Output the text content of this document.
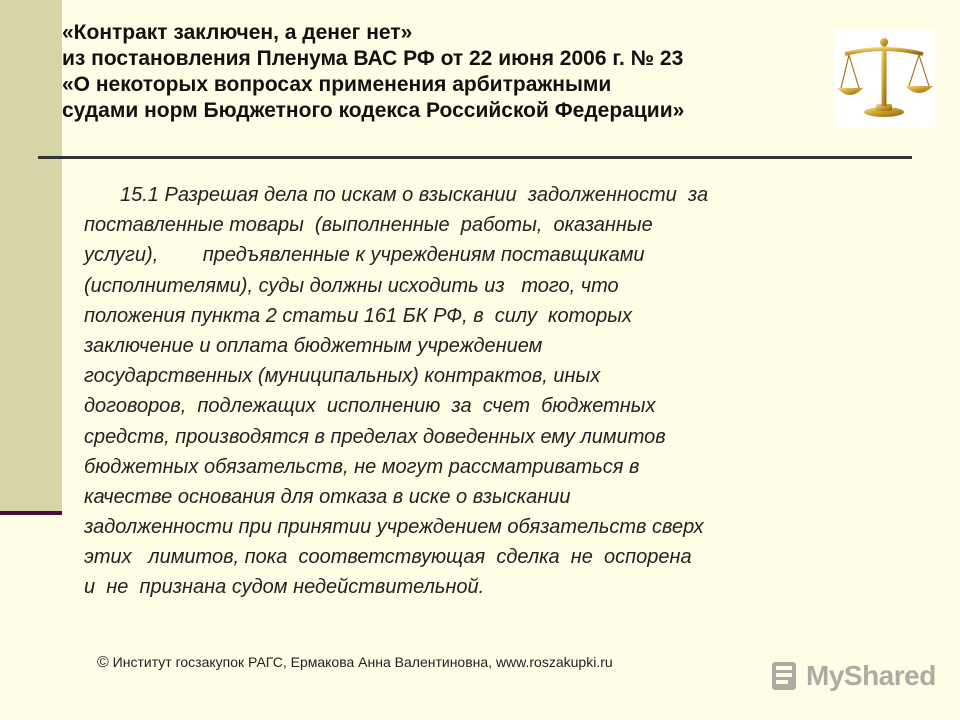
«Контракт заключен, а денег нет»
из постановления Пленума ВАС РФ от 22 июня 2006 г. № 23
«О некоторых вопросах применения арбитражными
судами норм Бюджетного кодекса Российской Федерации»
15.1 Разрешая дела по искам о взыскании  задолженности  за
поставленные товары  (выполненные  работы,  оказанные
услуги),        предъявленные к учреждениям поставщиками
(исполнителями), суды должны исходить из   того, что
положения пункта 2 статьи 161 БК РФ, в  силу  которых
заключение и оплата бюджетным учреждением
государственных (муниципальных) контрактов, иных
договоров,  подлежащих  исполнению  за  счет  бюджетных
средств, производятся в пределах доведенных ему лимитов
бюджетных обязательств, не могут рассматриваться в
качестве основания для отказа в иске о взыскании
задолженности при принятии учреждением обязательств сверх
этих   лимитов, пока  соответствующая  сделка  не  оспорена
и  не  признана судом недействительной.
© Институт госзакупок РАГС, Ермакова Анна Валентиновна, www.roszakupki.ru	MyShared
